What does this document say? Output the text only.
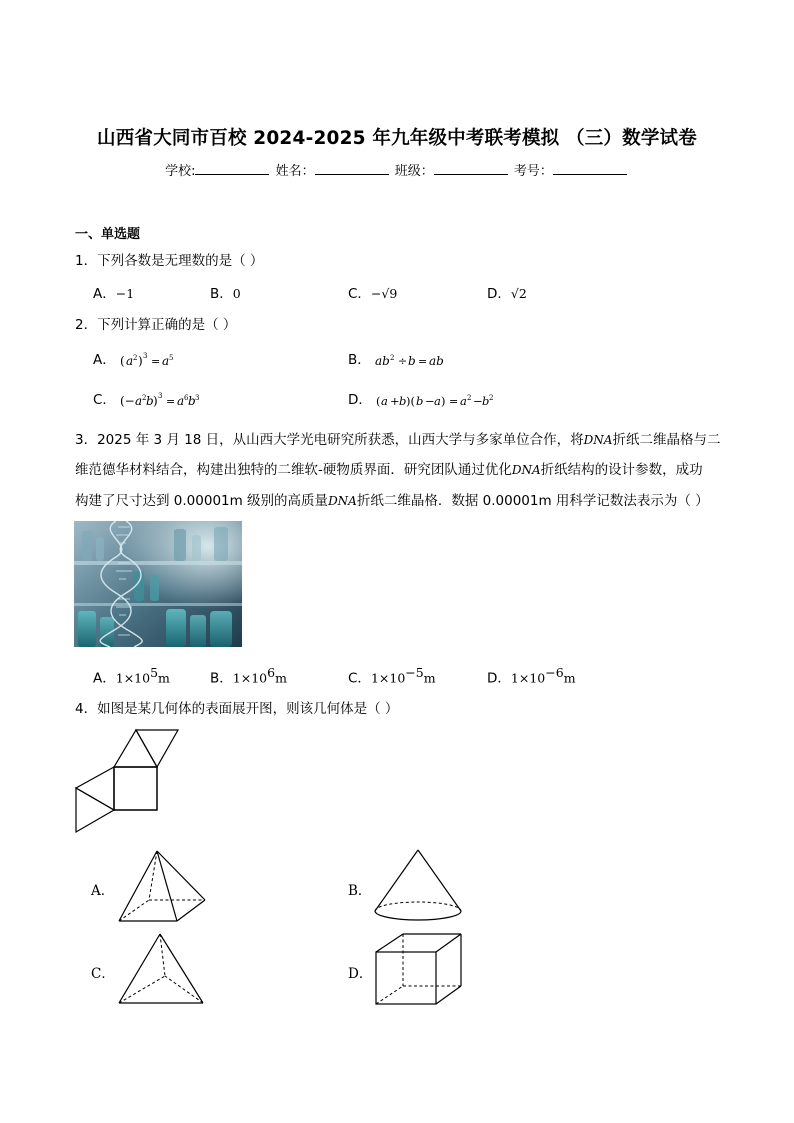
山西省大同市百校 2024-2025 年九年级中考联考模拟 （三）数学试卷
学校:	姓名：	班级：	考号：
一、单选题
1．下列各数是无理数的是（ ）
A．−1	B．0	C．−√9	D．√2
2．下列计算正确的是（ ）
A． ( a 2 ) 3 = a 5	B． ab 2 ÷ b = ab
C． (− a 2 b ) 3 = a 6 b 3	D． ( a + b )( b − a ) = a 2 − b 2
3．2025 年 3 月 18 日，从山西大学光电研究所获悉，山西大学与多家单位合作，将DNA折纸二维晶格与二
维范德华材料结合，构建出独特的二维软-硬物质界面．研究团队通过优化DNA折纸结构的设计参数，成功
构建了尺寸达到 0.00001m 级别的高质量DNA折纸二维晶格．数据 0.00001m 用科学记数法表示为（ ）
A．$1\times 10^5m$	B．$1\times 10^6m$	C．$1\times 10^{-5}m$	D．$1\times 10^{-6}m$
4．如图是某几何体的表面展开图，则该几何体是（ ）
A．	B．
C．	D．
